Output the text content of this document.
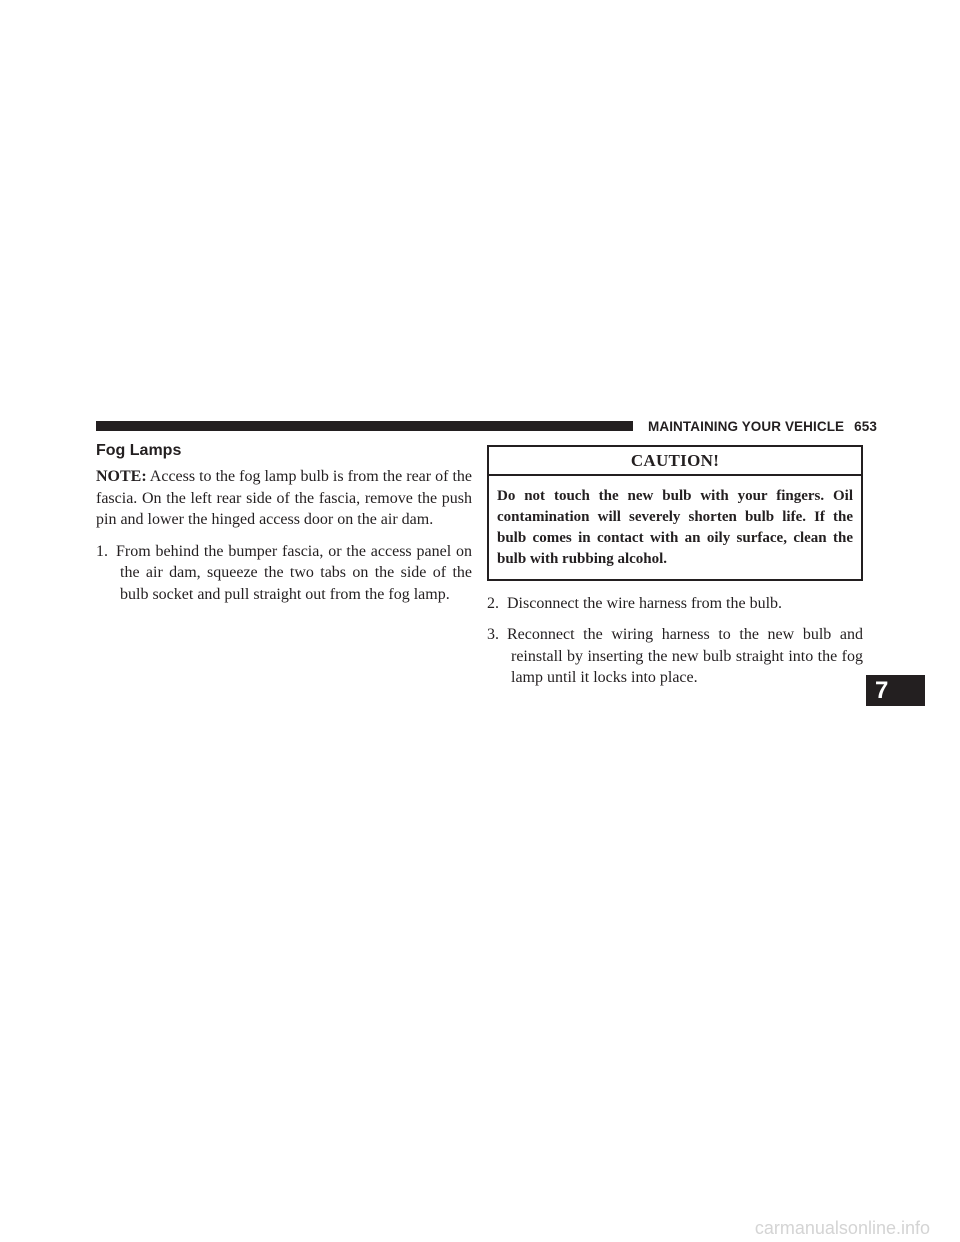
MAINTAINING YOUR VEHICLE 653
Fog Lamps

NOTE: Access to the fog lamp bulb is from the rear of the fascia. On the left rear side of the fascia, remove the push pin and lower the hinged access door on the air dam.

1. From behind the bumper fascia, or the access panel on the air dam, squeeze the two tabs on the side of the bulb socket and pull straight out from the fog lamp.

CAUTION!
Do not touch the new bulb with your fingers. Oil contamination will severely shorten bulb life. If the bulb comes in contact with an oily surface, clean the bulb with rubbing alcohol.

2. Disconnect the wire harness from the bulb.

3. Reconnect the wiring harness to the new bulb and reinstall by inserting the new bulb straight into the fog lamp until it locks into place.	7
carmanualsonline.info
